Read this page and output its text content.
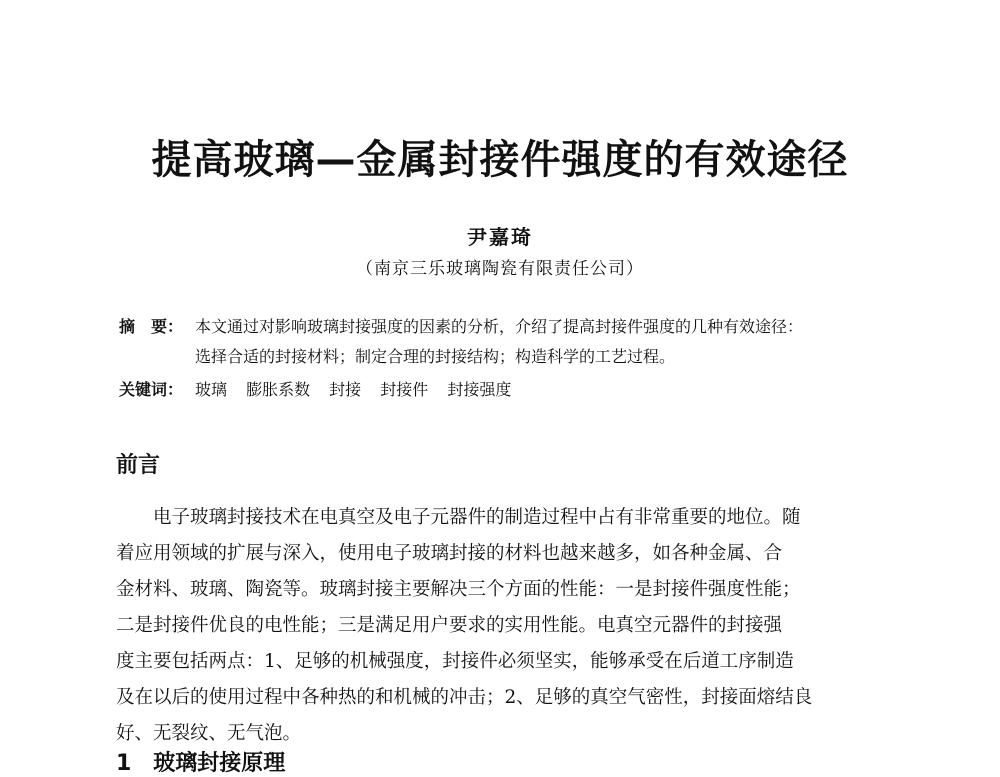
提高玻璃—金属封接件强度的有效途径
尹嘉琦
（南京三乐玻璃陶瓷有限责任公司）
摘　要： 本文通过对影响玻璃封接强度的因素的分析，介绍了提高封接件强度的几种有效途径：
选择合适的封接材料；制定合理的封接结构；构造科学的工艺过程。
关键词： 玻璃 膨胀系数 封接 封接件 封接强度
前言
　　电子玻璃封接技术在电真空及电子元器件的制造过程中占有非常重要的地位。随
着应用领域的扩展与深入，使用电子玻璃封接的材料也越来越多，如各种金属、合
金材料、玻璃、陶瓷等。玻璃封接主要解决三个方面的性能：一是封接件强度性能；
二是封接件优良的电性能；三是满足用户要求的实用性能。电真空元器件的封接强
度主要包括两点：1、足够的机械强度，封接件必须坚实，能够承受在后道工序制造
及在以后的使用过程中各种热的和机械的冲击；2、足够的真空气密性，封接面熔结良
好、无裂纹、无气泡。
1　玻璃封接原理
